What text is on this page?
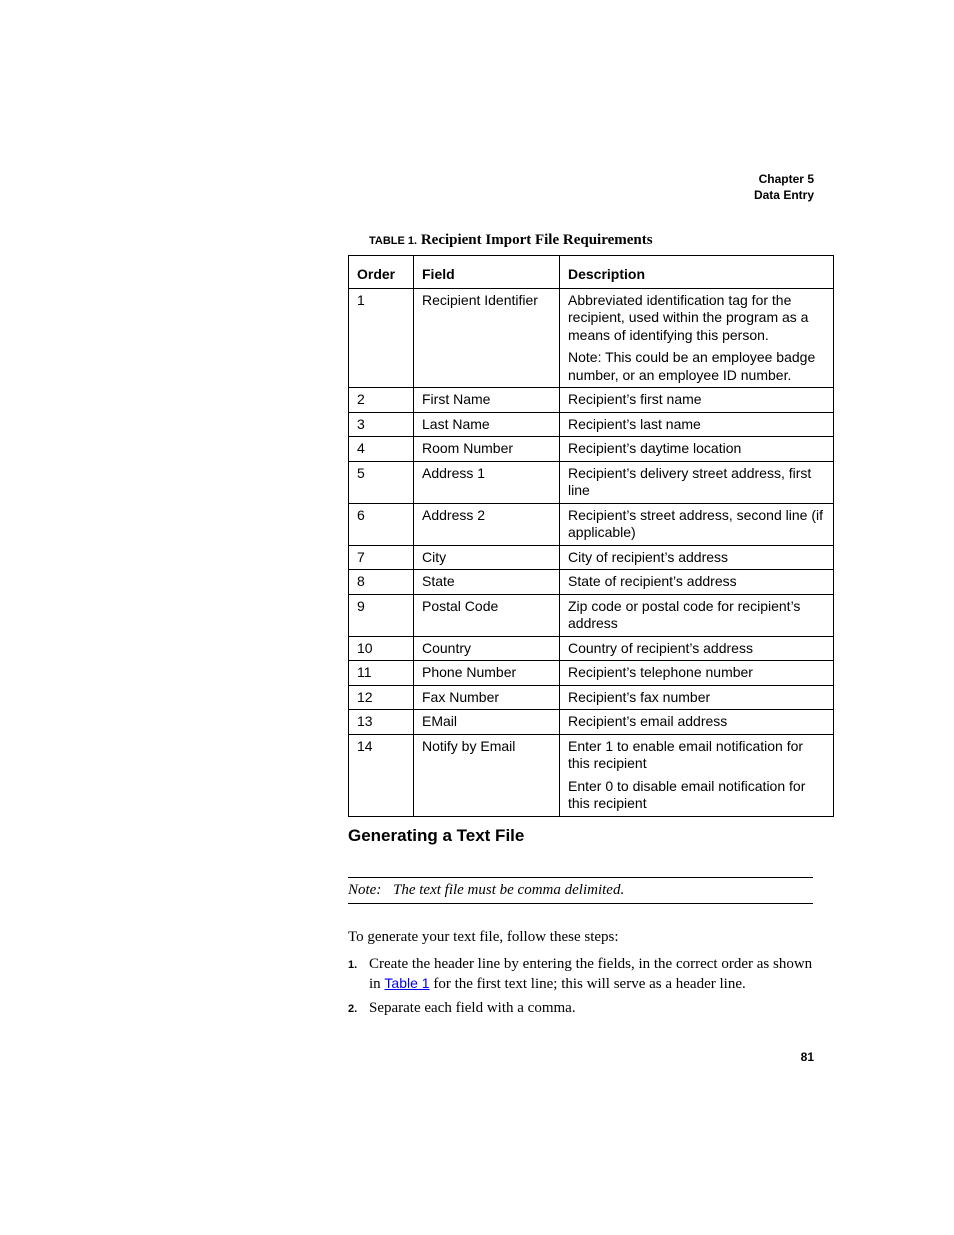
Chapter 5
Data Entry
TABLE 1. Recipient Import File Requirements
Order	Field	Description
1	Recipient Identifier	Abbreviated identification tag for the recipient, used within the program as a means of identifying this person.

Note: This could be an employee badge number, or an employee ID number.

2	First Name	Recipient’s first name

3	Last Name	Recipient’s last name

4	Room Number	Recipient’s daytime location

5	Address 1	Recipient’s delivery street address, first line

6	Address 2	Recipient’s street address, second line (if applicable)

7	City	City of recipient’s address

8	State	State of recipient’s address

9	Postal Code	Zip code or postal code for recipient’s address

10	Country	Country of recipient’s address

11	Phone Number	Recipient’s telephone number

12	Fax Number	Recipient’s fax number

13	EMail	Recipient’s email address

14	Notify by Email	Enter 1 to enable email notification for this recipient

Enter 0 to disable email notification for this recipient

Generating a Text File
Note: The text file must be comma delimited.
To generate your text file, follow these steps:
1. Create the header line by entering the fields, in the correct order as shown in Table 1 for the first text line; this will serve as a header line.
2. Separate each field with a comma.
81
